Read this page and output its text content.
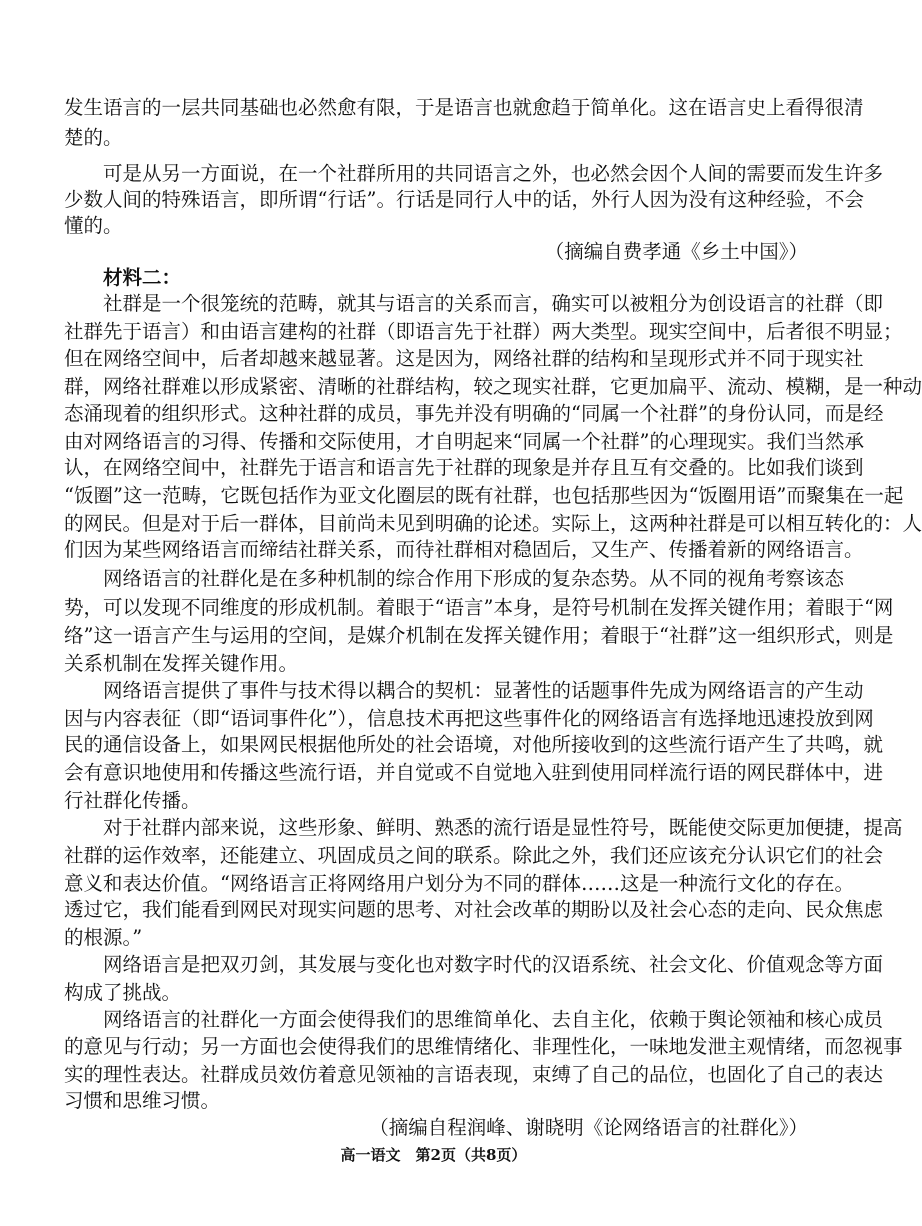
发生语言的一层共同基础也必然愈有限，于是语言也就愈趋于简单化。这在语言史上看得很清
楚的。
　　可是从另一方面说，在一个社群所用的共同语言之外，也必然会因个人间的需要而发生许多
少数人间的特殊语言，即所谓“行话”。行话是同行人中的话，外行人因为没有这种经验，不会
懂的。
（摘编自费孝通《乡土中国》）
　　材料二：
　　社群是一个很笼统的范畴，就其与语言的关系而言，确实可以被粗分为创设语言的社群（即
社群先于语言）和由语言建构的社群（即语言先于社群）两大类型。现实空间中，后者很不明显；
但在网络空间中，后者却越来越显著。这是因为，网络社群的结构和呈现形式并不同于现实社
群，网络社群难以形成紧密、清晰的社群结构，较之现实社群，它更加扁平、流动、模糊，是一种动
态涌现着的组织形式。这种社群的成员，事先并没有明确的“同属一个社群”的身份认同，而是经
由对网络语言的习得、传播和交际使用，才自明起来“同属一个社群”的心理现实。我们当然承
认，在网络空间中，社群先于语言和语言先于社群的现象是并存且互有交叠的。比如我们谈到
“饭圈”这一范畴，它既包括作为亚文化圈层的既有社群，也包括那些因为“饭圈用语”而聚集在一起
的网民。但是对于后一群体，目前尚未见到明确的论述。实际上，这两种社群是可以相互转化的：人
们因为某些网络语言而缔结社群关系，而待社群相对稳固后，又生产、传播着新的网络语言。
　　网络语言的社群化是在多种机制的综合作用下形成的复杂态势。从不同的视角考察该态
势，可以发现不同维度的形成机制。着眼于“语言”本身，是符号机制在发挥关键作用；着眼于“网
络”这一语言产生与运用的空间，是媒介机制在发挥关键作用；着眼于“社群”这一组织形式，则是
关系机制在发挥关键作用。
　　网络语言提供了事件与技术得以耦合的契机：显著性的话题事件先成为网络语言的产生动
因与内容表征（即“语词事件化”），信息技术再把这些事件化的网络语言有选择地迅速投放到网
民的通信设备上，如果网民根据他所处的社会语境，对他所接收到的这些流行语产生了共鸣，就
会有意识地使用和传播这些流行语，并自觉或不自觉地入驻到使用同样流行语的网民群体中，进
行社群化传播。
　　对于社群内部来说，这些形象、鲜明、熟悉的流行语是显性符号，既能使交际更加便捷，提高
社群的运作效率，还能建立、巩固成员之间的联系。除此之外，我们还应该充分认识它们的社会
意义和表达价值。“网络语言正将网络用户划分为不同的群体……这是一种流行文化的存在。
透过它，我们能看到网民对现实问题的思考、对社会改革的期盼以及社会心态的走向、民众焦虑
的根源。”
　　网络语言是把双刃剑，其发展与变化也对数字时代的汉语系统、社会文化、价值观念等方面
构成了挑战。
　　网络语言的社群化一方面会使得我们的思维简单化、去自主化，依赖于舆论领袖和核心成员
的意见与行动；另一方面也会使得我们的思维情绪化、非理性化，一味地发泄主观情绪，而忽视事
实的理性表达。社群成员效仿着意见领袖的言语表现，束缚了自己的品位，也固化了自己的表达
习惯和思维习惯。
（摘编自程润峰、谢晓明《论网络语言的社群化》）
高一语文　第2页（共8页）
